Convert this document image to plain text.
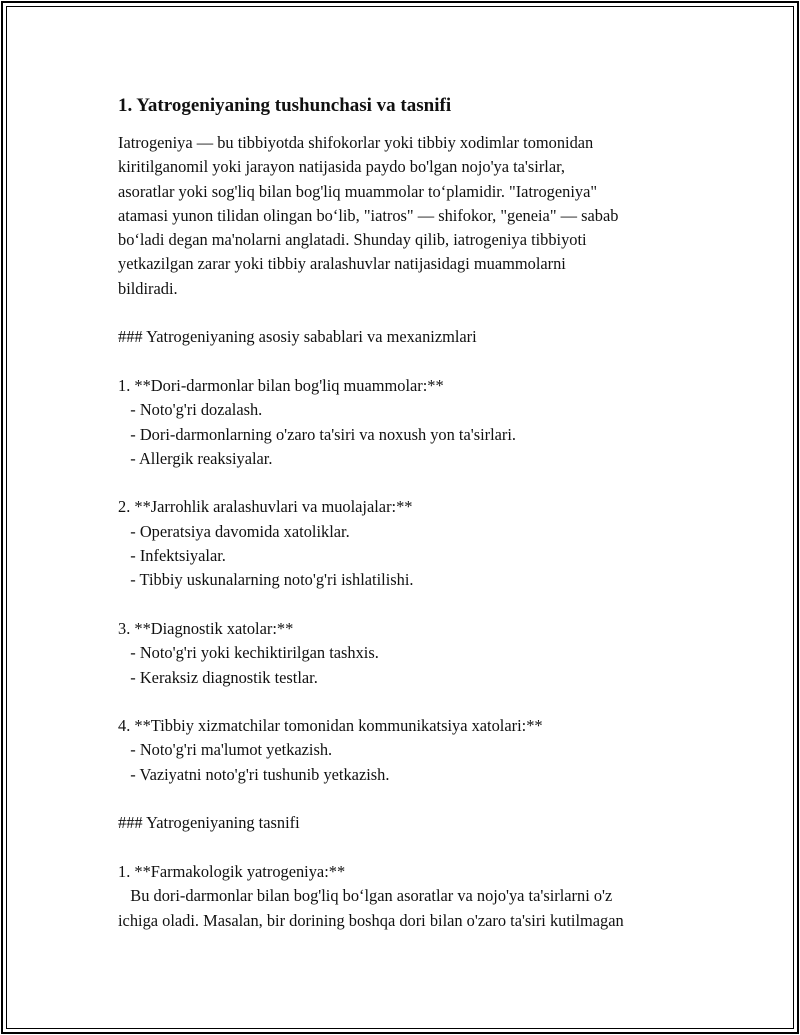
1. Yatrogeniyaning tushunchasi va tasnifi
Iatrogeniya — bu tibbiyotda shifokorlar yoki tibbiy xodimlar tomonidan
kiritilganomil yoki jarayon natijasida paydo bo'lgan nojo'ya ta'sirlar,
asoratlar yoki sog'liq bilan bog'liq muammolar to‘plamidir. "Iatrogeniya"
atamasi yunon tilidan olingan bo‘lib, "iatros" — shifokor, "geneia" — sabab
bo‘ladi degan ma'nolarni anglatadi. Shunday qilib, iatrogeniya tibbiyoti
yetkazilgan zarar yoki tibbiy aralashuvlar natijasidagi muammolarni
bildiradi.
### Yatrogeniyaning asosiy sabablari va mexanizmlari
1. **Dori-darmonlar bilan bog'liq muammolar:**
- Noto'g'ri dozalash.
- Dori-darmonlarning o'zaro ta'siri va noxush yon ta'sirlari.
- Allergik reaksiyalar.
2. **Jarrohlik aralashuvlari va muolajalar:**
- Operatsiya davomida xatoliklar.
- Infektsiyalar.
- Tibbiy uskunalarning noto'g'ri ishlatilishi.
3. **Diagnostik xatolar:**
- Noto'g'ri yoki kechiktirilgan tashxis.
- Keraksiz diagnostik testlar.
4. **Tibbiy xizmatchilar tomonidan kommunikatsiya xatolari:**
- Noto'g'ri ma'lumot yetkazish.
- Vaziyatni noto'g'ri tushunib yetkazish.
### Yatrogeniyaning tasnifi
1. **Farmakologik yatrogeniya:**
Bu dori-darmonlar bilan bog'liq bo‘lgan asoratlar va nojo'ya ta'sirlarni o'z
ichiga oladi. Masalan, bir dorining boshqa dori bilan o'zaro ta'siri kutilmagan
